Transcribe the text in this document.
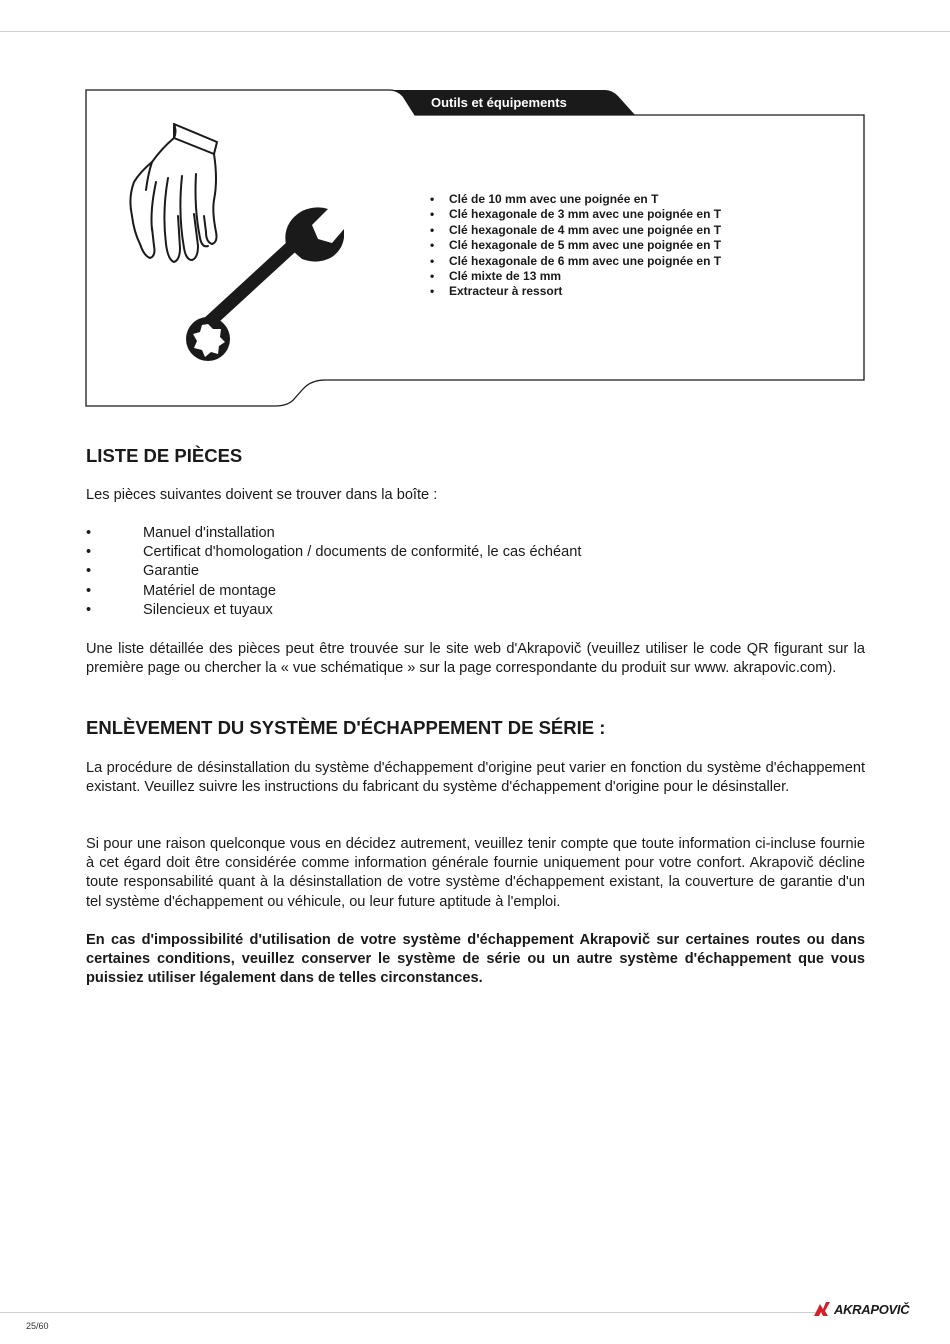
Outils et équipements
• Clé de 10 mm avec une poignée en T
• Clé hexagonale de 3 mm avec une poignée en T
• Clé hexagonale de 4 mm avec une poignée en T
• Clé hexagonale de 5 mm avec une poignée en T
• Clé hexagonale de 6 mm avec une poignée en T
• Clé mixte de 13 mm
• Extracteur à ressort
LISTE DE PIÈCES

Les pièces suivantes doivent se trouver dans la boîte :

• Manuel d'installation
• Certificat d'homologation / documents de conformité, le cas échéant
• Garantie
• Matériel de montage
• Silencieux et tuyaux

Une liste détaillée des pièces peut être trouvée sur le site web d'Akrapovič (veuillez utiliser le code QR figurant sur la première page ou chercher la « vue schématique » sur la page correspondante du produit sur www. akrapovic.com).

ENLÈVEMENT DU SYSTÈME D'ÉCHAPPEMENT DE SÉRIE :

La procédure de désinstallation du système d'échappement d'origine peut varier en fonction du système d'échappement existant. Veuillez suivre les instructions du fabricant du système d'échappement d'origine pour le désinstaller.

Si pour une raison quelconque vous en décidez autrement, veuillez tenir compte que toute information ci-incluse fournie à cet égard doit être considérée comme information générale fournie uniquement pour votre confort. Akrapovič décline toute responsabilité quant à la désinstallation de votre système d'échappement existant, la couverture de garantie d'un tel système d'échappement ou véhicule, ou leur future aptitude à l'emploi.

En cas d'impossibilité d'utilisation de votre système d'échappement Akrapovič sur certaines routes ou dans certaines conditions, veuillez conserver le système de série ou un autre système d'échappement que vous puissiez utiliser légalement dans de telles circonstances.

25/60
AKRAPOVIČ
